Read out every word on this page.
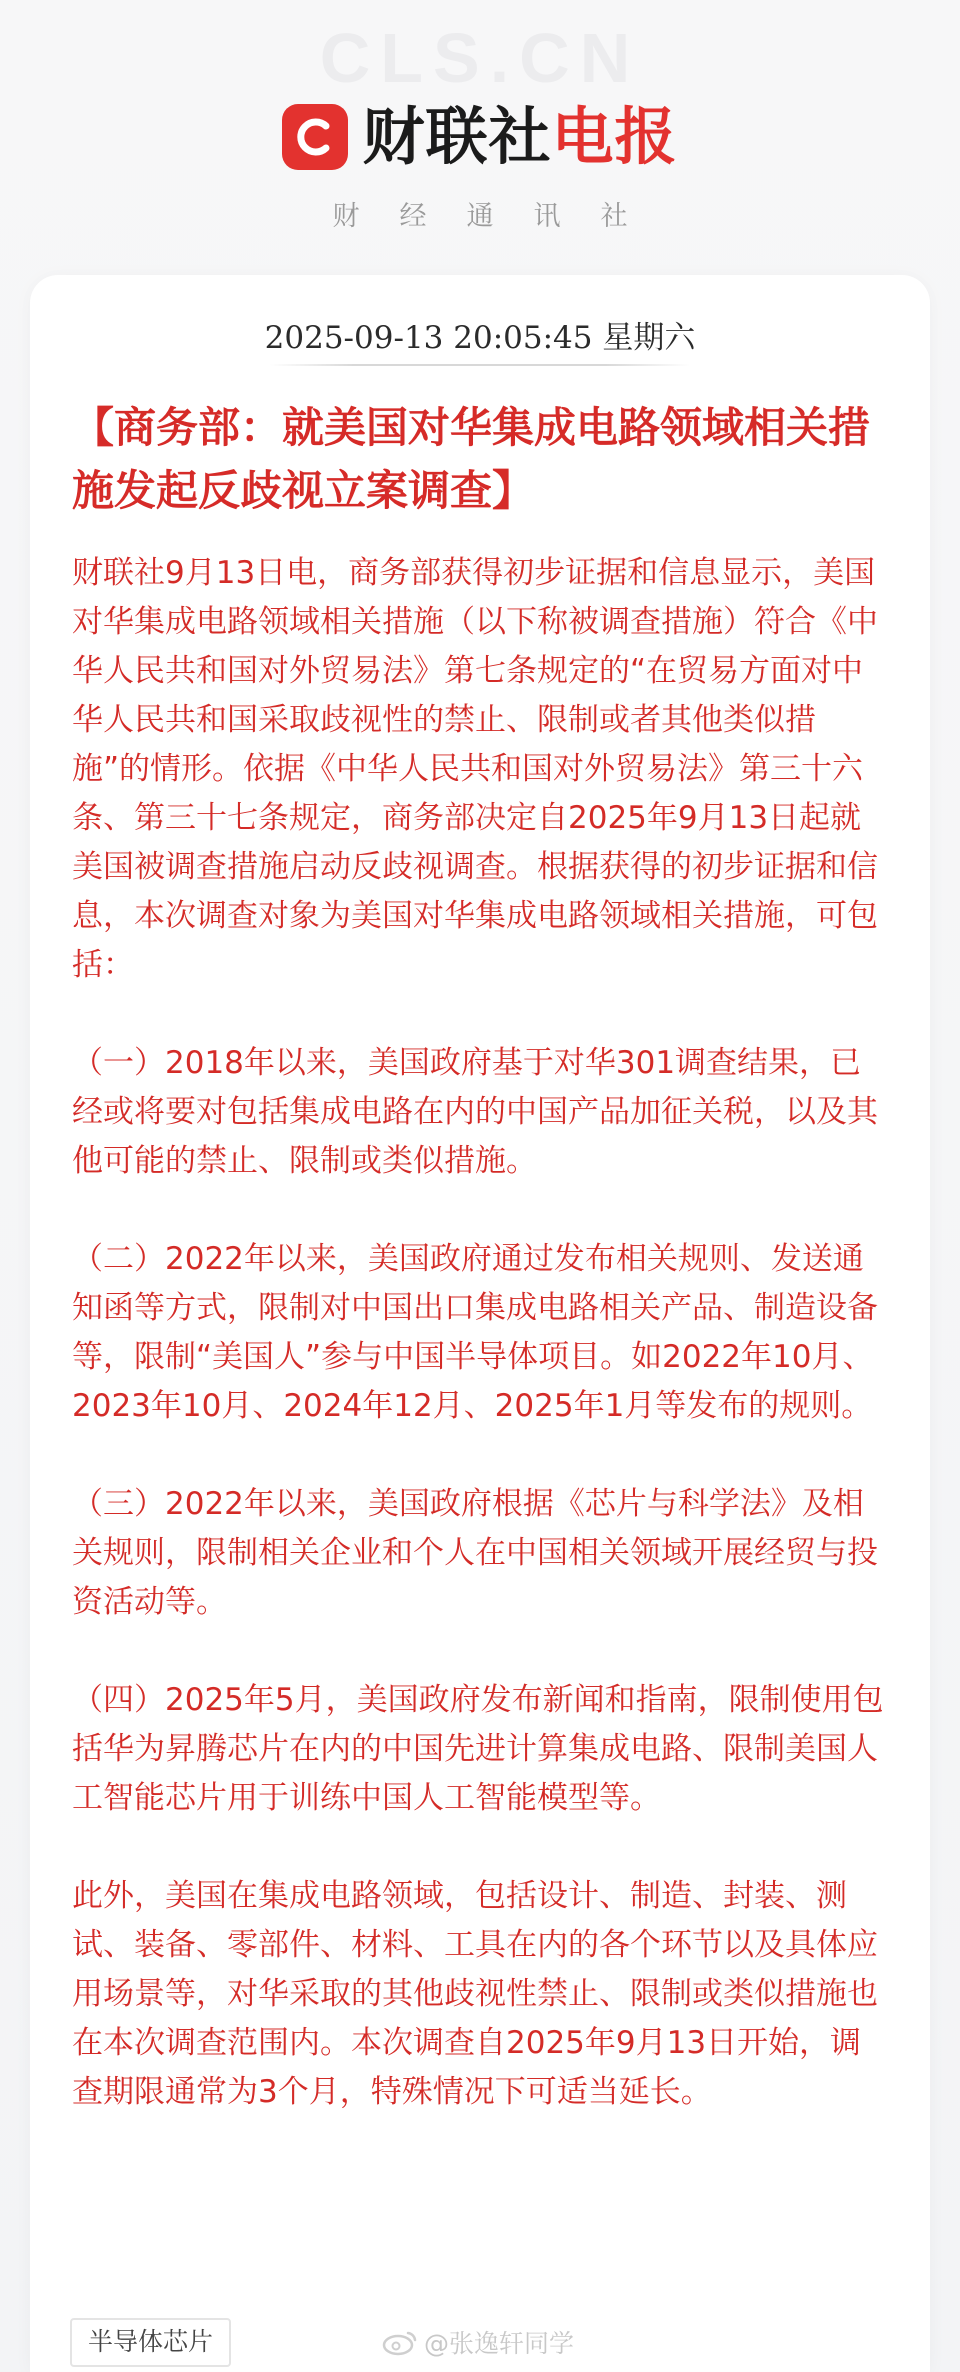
CLS.CN
财联社电报
财经通讯社
2025-09-13 20:05:45 星期六
【商务部：就美国对华集成电路领域相关措施发起反歧视立案调查】

财联社9月13日电，商务部获得初步证据和信息显示，美国对华集成电路领域相关措施（以下称被调查措施）符合《中华人民共和国对外贸易法》第七条规定的“在贸易方面对中华人民共和国采取歧视性的禁止、限制或者其他类似措施”的情形。依据《中华人民共和国对外贸易法》第三十六条、第三十七条规定，商务部决定自2025年9月13日起就美国被调查措施启动反歧视调查。根据获得的初步证据和信息，本次调查对象为美国对华集成电路领域相关措施，可包括：

（一）2018年以来，美国政府基于对华301调查结果，已经或将要对包括集成电路在内的中国产品加征关税，以及其他可能的禁止、限制或类似措施。

（二）2022年以来，美国政府通过发布相关规则、发送通知函等方式，限制对中国出口集成电路相关产品、制造设备等，限制“美国人”参与中国半导体项目。如2022年10月、2023年10月、2024年12月、2025年1月等发布的规则。

（三）2022年以来，美国政府根据《芯片与科学法》及相关规则，限制相关企业和个人在中国相关领域开展经贸与投资活动等。

（四）2025年5月，美国政府发布新闻和指南，限制使用包括华为昇腾芯片在内的中国先进计算集成电路、限制美国人工智能芯片用于训练中国人工智能模型等。

此外，美国在集成电路领域，包括设计、制造、封装、测试、装备、零部件、材料、工具在内的各个环节以及具体应用场景等，对华采取的其他歧视性禁止、限制或类似措施也在本次调查范围内。本次调查自2025年9月13日开始，调查期限通常为3个月，特殊情况下可适当延长。

半导体芯片	@张逸轩同学
